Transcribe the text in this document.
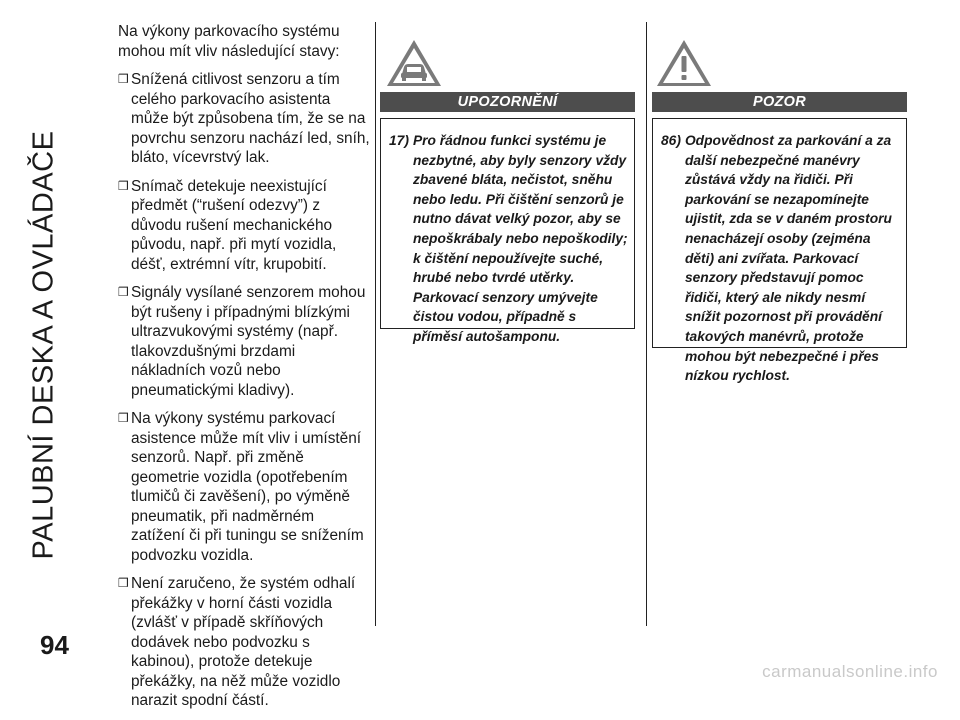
PALUBNÍ DESKA A OVLÁDAČE

Na výkony parkovacího systému mohou mít vliv následující stavy:

❒ Snížená citlivost senzoru a tím celého parkovacího asistenta může být způsobena tím, že se na povrchu senzoru nachází led, sníh, bláto, vícevrstvý lak.
❒ Snímač detekuje neexistující předmět (“rušení odezvy”) z důvodu rušení mechanického původu, např. při mytí vozidla, déšť, extrémní vítr, krupobití.
❒ Signály vysílané senzorem mohou být rušeny i případnými blízkými ultrazvukovými systémy (např. tlakovzdušnými brzdami nákladních vozů nebo pneumatickými kladivy).
❒ Na výkony systému parkovací asistence může mít vliv i umístění senzorů. Např. při změně geometrie vozidla (opotřebením tlumičů či zavěšení), po výměně pneumatik, při nadměrném zatížení či při tuningu se snížením podvozku vozidla.
❒ Není zaručeno, že systém odhalí překážky v horní části vozidla (zvlášť v případě skříňových dodávek nebo podvozku s kabinou), protože detekuje překážky, na něž může vozidlo narazit spodní částí.
UPOZORNĚNÍ
17) Pro řádnou funkci systému je nezbytné, aby byly senzory vždy zbavené bláta, nečistot, sněhu nebo ledu. Při čištění senzorů je nutno dávat velký pozor, aby se nepoškrábaly nebo nepoškodily; k čištění nepoužívejte suché, hrubé nebo tvrdé utěrky. Parkovací senzory umývejte čistou vodou, případně s příměsí autošamponu.
POZOR
86) Odpovědnost za parkování a za další nebezpečné manévry zůstává vždy na řidiči. Při parkování se nezapomínejte ujistit, zda se v daném prostoru nenacházejí osoby (zejména děti) ani zvířata. Parkovací senzory představují pomoc řidiči, který ale nikdy nesmí snížit pozornost při provádění takových manévrů, protože mohou být nebezpečné i přes nízkou rychlost.
94
carmanualsonline.info
